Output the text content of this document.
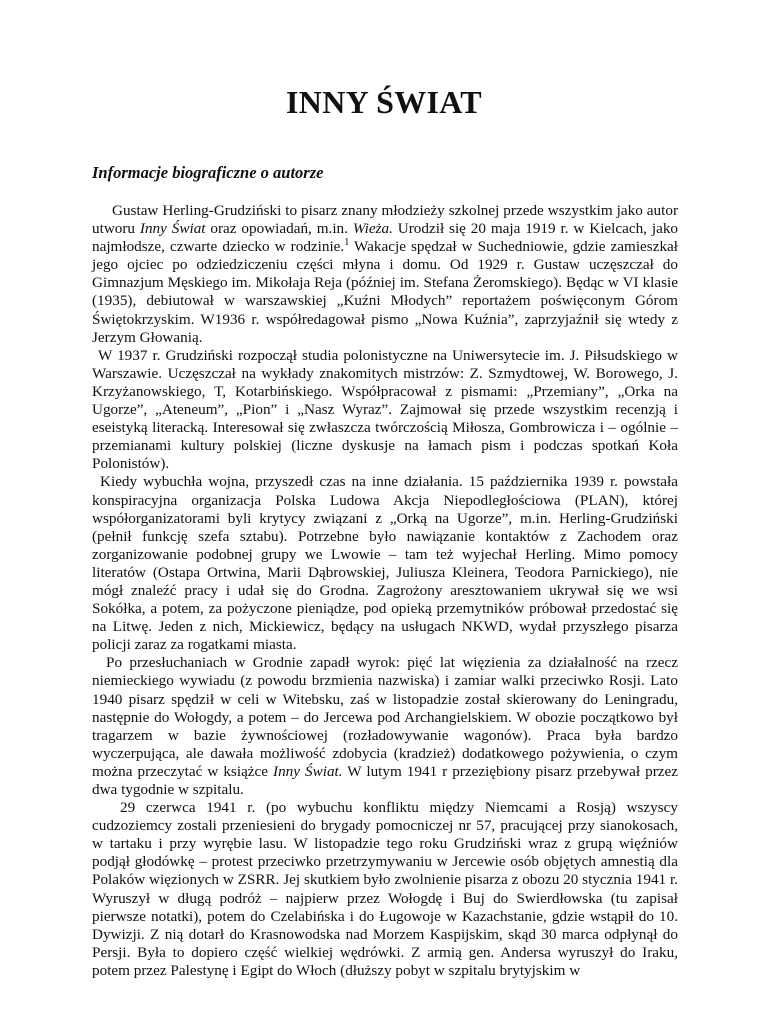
INNY ŚWIAT
Informacje biograficzne o autorze

Gustaw Herling-Grudziński to pisarz znany młodzieży szkolnej przede wszystkim jako autor utworu Inny Świat oraz opowiadań, m.in. Wieża. Urodził się 20 maja 1919 r. w Kielcach, jako najmłodsze, czwarte dziecko w rodzinie.$^1$ Wakacje spędzał w Suchedniowie, gdzie zamieszkał jego ojciec po odziedziczeniu części młyna i domu. Od 1929 r. Gustaw uczęszczał do Gimnazjum Męskiego im. Mikołaja Reja (później im. Stefana Żeromskiego). Będąc w VI klasie (1935), debiutował w warszawskiej „Kuźni Młodych” reportażem poświęconym Górom Świętokrzyskim. W1936 r. współredagował pismo „Nowa Kuźnia”, zaprzyjaźnił się wtedy z Jerzym Głowanią.

W 1937 r. Grudziński rozpoczął studia polonistyczne na Uniwersytecie im. J. Piłsudskiego w Warszawie. Uczęszczał na wykłady znakomitych mistrzów: Z. Szmydtowej, W. Borowego, J. Krzyżanowskiego, T, Kotarbińskiego. Współpracował z pismami: „Przemiany”, „Orka na Ugorze”, „Ateneum”, „Pion” i „Nasz Wyraz”. Zajmował się przede wszystkim recenzją i eseistyką literacką. Interesował się zwłaszcza twórczością Miłosza, Gombrowicza i – ogólnie – przemianami kultury polskiej (liczne dyskusje na łamach pism i podczas spotkań Koła Polonistów).

Kiedy wybuchła wojna, przyszedł czas na inne działania. 15 października 1939 r. powstała konspiracyjna organizacja Polska Ludowa Akcja Niepodległościowa (PLAN), której współorganizatorami byli krytycy związani z „Orką na Ugorze”, m.in. Herling-Grudziński (pełnił funkcję szefa sztabu). Potrzebne było nawiązanie kontaktów z Zachodem oraz zorganizowanie podobnej grupy we Lwowie – tam też wyjechał Herling. Mimo pomocy literatów (Ostapa Ortwina, Marii Dąbrowskiej, Juliusza Kleinera, Teodora Parnickiego), nie mógł znaleźć pracy i udał się do Grodna. Zagrożony aresztowaniem ukrywał się we wsi Sokółka, a potem, za pożyczone pieniądze, pod opieką przemytników próbował przedostać się na Litwę. Jeden z nich, Mickiewicz, będący na usługach NKWD, wydał przyszłego pisarza policji zaraz za rogatkami miasta.

Po przesłuchaniach w Grodnie zapadł wyrok: pięć lat więzienia za działalność na rzecz niemieckiego wywiadu (z powodu brzmienia nazwiska) i zamiar walki przeciwko Rosji. Lato 1940 pisarz spędził w celi w Witebsku, zaś w listopadzie został skierowany do Leningradu, następnie do Wołogdy, a potem – do Jercewa pod Archangielskiem. W obozie początkowo był tragarzem w bazie żywnościowej (rozładowywanie wagonów). Praca była bardzo wyczerpująca, ale dawała możliwość zdobycia (kradzież) dodatkowego pożywienia, o czym można przeczytać w książce Inny Świat. W lutym 1941 r przeziębiony pisarz przebywał przez dwa tygodnie w szpitalu.

29 czerwca 1941 r. (po wybuchu konfliktu między Niemcami a Rosją) wszyscy cudzoziemcy zostali przeniesieni do brygady pomocniczej nr 57, pracującej przy sianokosach, w tartaku i przy wyrębie lasu. W listopadzie tego roku Grudziński wraz z grupą więźniów podjął głodówkę – protest przeciwko przetrzymywaniu w Jercewie osób objętych amnestią dla Polaków więzionych w ZSRR. Jej skutkiem było zwolnienie pisarza z obozu 20 stycznia 1941 r. Wyruszył w długą podróż – najpierw przez Wołogdę i Buj do Swierdłowska (tu zapisał pierwsze notatki), potem do Czelabińska i do Ługowoje w Kazachstanie, gdzie wstąpił do 10. Dywizji. Z nią dotarł do Krasnowodska nad Morzem Kaspijskim, skąd 30 marca odpłynął do Persji. Była to dopiero część wielkiej wędrówki. Z armią gen. Andersa wyruszył do Iraku, potem przez Palestynę i Egipt do Włoch (dłuższy pobyt w szpitalu brytyjskim w
